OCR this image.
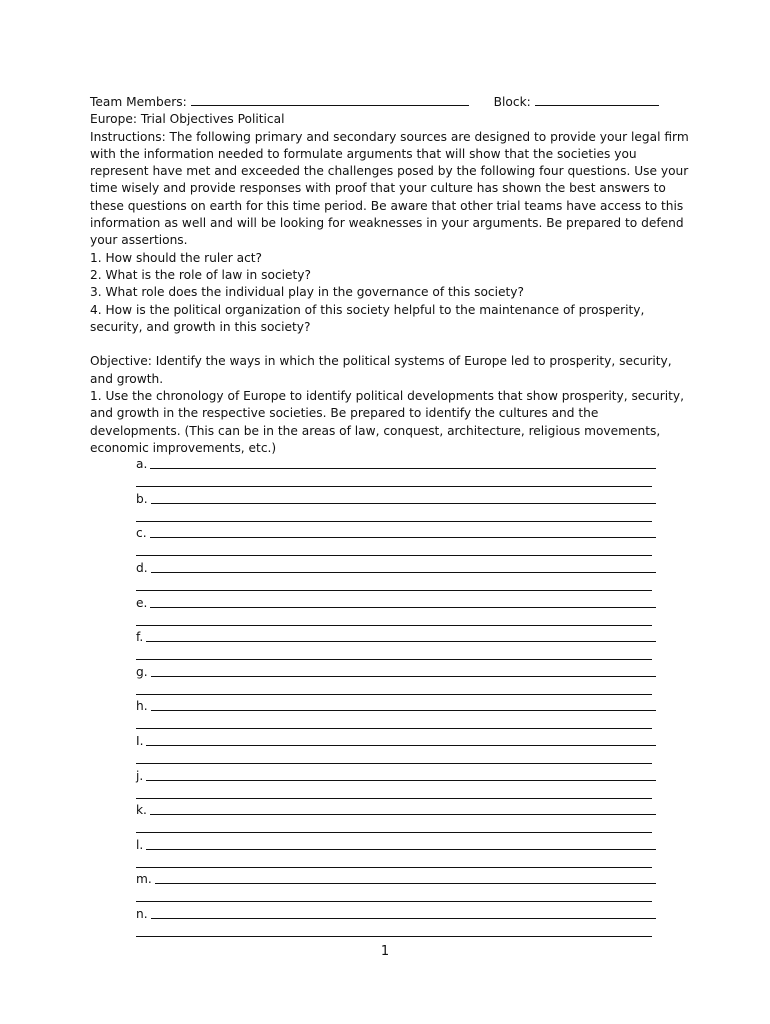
Team Members:	Block:

Europe: Trial Objectives Political

Instructions: The following primary and secondary sources are designed to provide your legal firm with the information needed to formulate arguments that will show that the societies you represent have met and exceeded the challenges posed by the following four questions. Use your time wisely and provide responses with proof that your culture has shown the best answers to these questions on earth for this time period. Be aware that other trial teams have access to this information as well and will be looking for weaknesses in your arguments. Be prepared to defend your assertions.

1. How should the ruler act?

2. What is the role of law in society?

3. What role does the individual play in the governance of this society?

4. How is the political organization of this society helpful to the maintenance of prosperity, security, and growth in this society?

Objective: Identify the ways in which the political systems of Europe led to prosperity, security, and growth.

1. Use the chronology of Europe to identify political developments that show prosperity, security, and growth in the respective societies. Be prepared to identify the cultures and the developments. (This can be in the areas of law, conquest, architecture, religious movements, economic improvements, etc.)

a.
b.
c.
d.
e.
f.
g.
h.
I.
j.
k.
l.
m.
n.
1
